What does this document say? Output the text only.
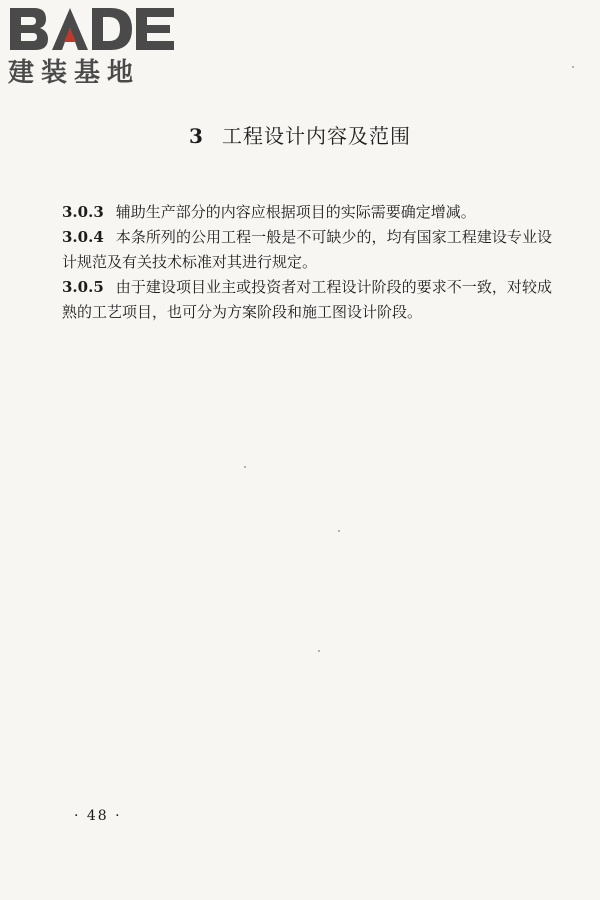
建装基地
3 工程设计内容及范围

3.0.3 辅助生产部分的内容应根据项目的实际需要确定增减。

3.0.4 本条所列的公用工程一般是不可缺少的，均有国家工程建设专业设计规范及有关技术标准对其进行规定。

3.0.5 由于建设项目业主或投资者对工程设计阶段的要求不一致，对较成熟的工艺项目，也可分为方案阶段和施工图设计阶段。

· 48 ·
